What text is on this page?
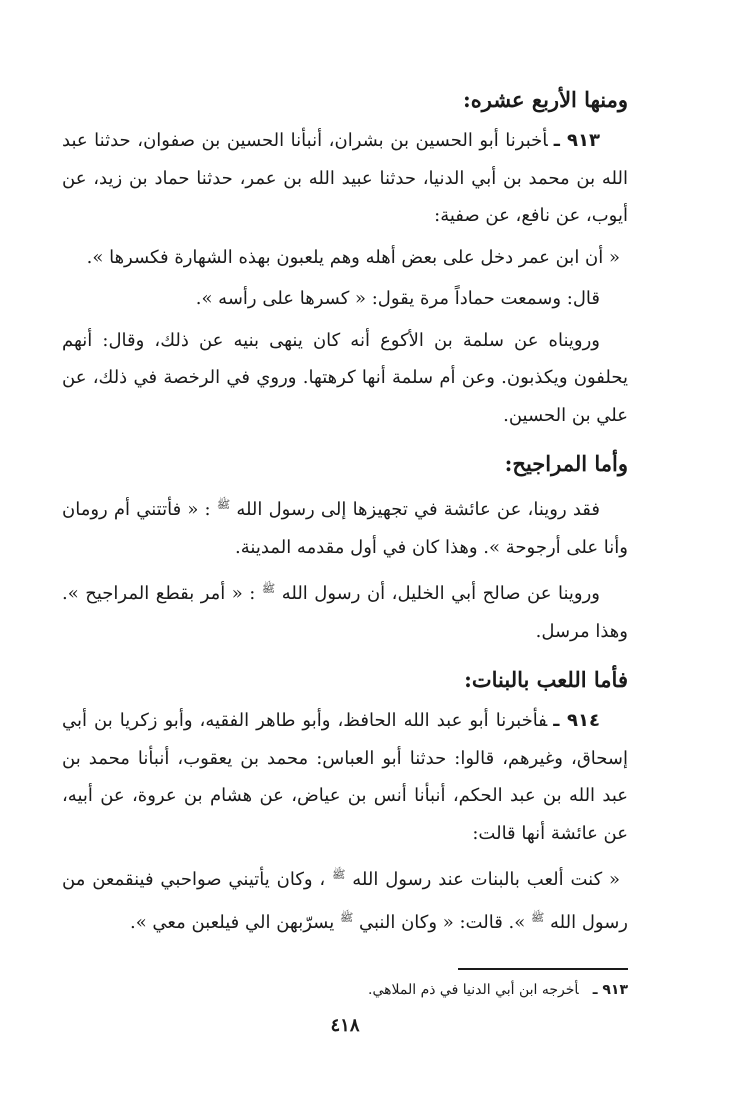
ومنها الأربع عشره:

٩١٣ ـأخبرنا أبو الحسين بن بشران، أنبأنا الحسين بن صفوان، حدثنا عبد الله بن محمد بن أبي الدنيا، حدثنا عبيد الله بن عمر، حدثنا حماد بن زيد، عن أيوب، عن نافع، عن صفية:

« أن ابن عمر دخل على بعض أهله وهم يلعبون بهذه الشهارة فكسرها ».

قال: وسمعت حماداً مرة يقول: « كسرها على رأسه ».

ورويناه عن سلمة بن الأكوع أنه كان ينهى بنيه عن ذلك، وقال: أنهم يحلفون ويكذبون. وعن أم سلمة أنها كرهتها. وروي في الرخصة في ذلك، عن علي بن الحسين.

وأما المراجيح:

فقد روينا، عن عائشة في تجهيزها إلى رسول الله $^ﷺ$ : « فأتتني أم رومان وأنا على أرجوحة ». وهذا كان في أول مقدمه المدينة.

وروينا عن صالح أبي الخليل، أن رسول الله $^ﷺ$ : « أمر بقطع المراجيح ». وهذا مرسل.

فأما اللعب بالبنات:

٩١٤ ـفأخبرنا أبو عبد الله الحافظ، وأبو طاهر الفقيه، وأبو زكريا بن أبي إسحاق، وغيرهم، قالوا: حدثنا أبو العباس: محمد بن يعقوب، أنبأنا محمد بن عبد الله بن عبد الحكم، أنبأنا أنس بن عياض، عن هشام بن عروة، عن أبيه، عن عائشة أنها قالت:

« كنت ألعب بالبنات عند رسول الله $^ﷺ$ ، وكان يأتيني صواحبي فينقمعن من رسول الله $^ﷺ$ ». قالت: « وكان النبي $^ﷺ$ يسرّبهن الي فيلعبن معي ».

٩١٣ ـأخرجه ابن أبي الدنيا في ذم الملاهي.
٤١٨
